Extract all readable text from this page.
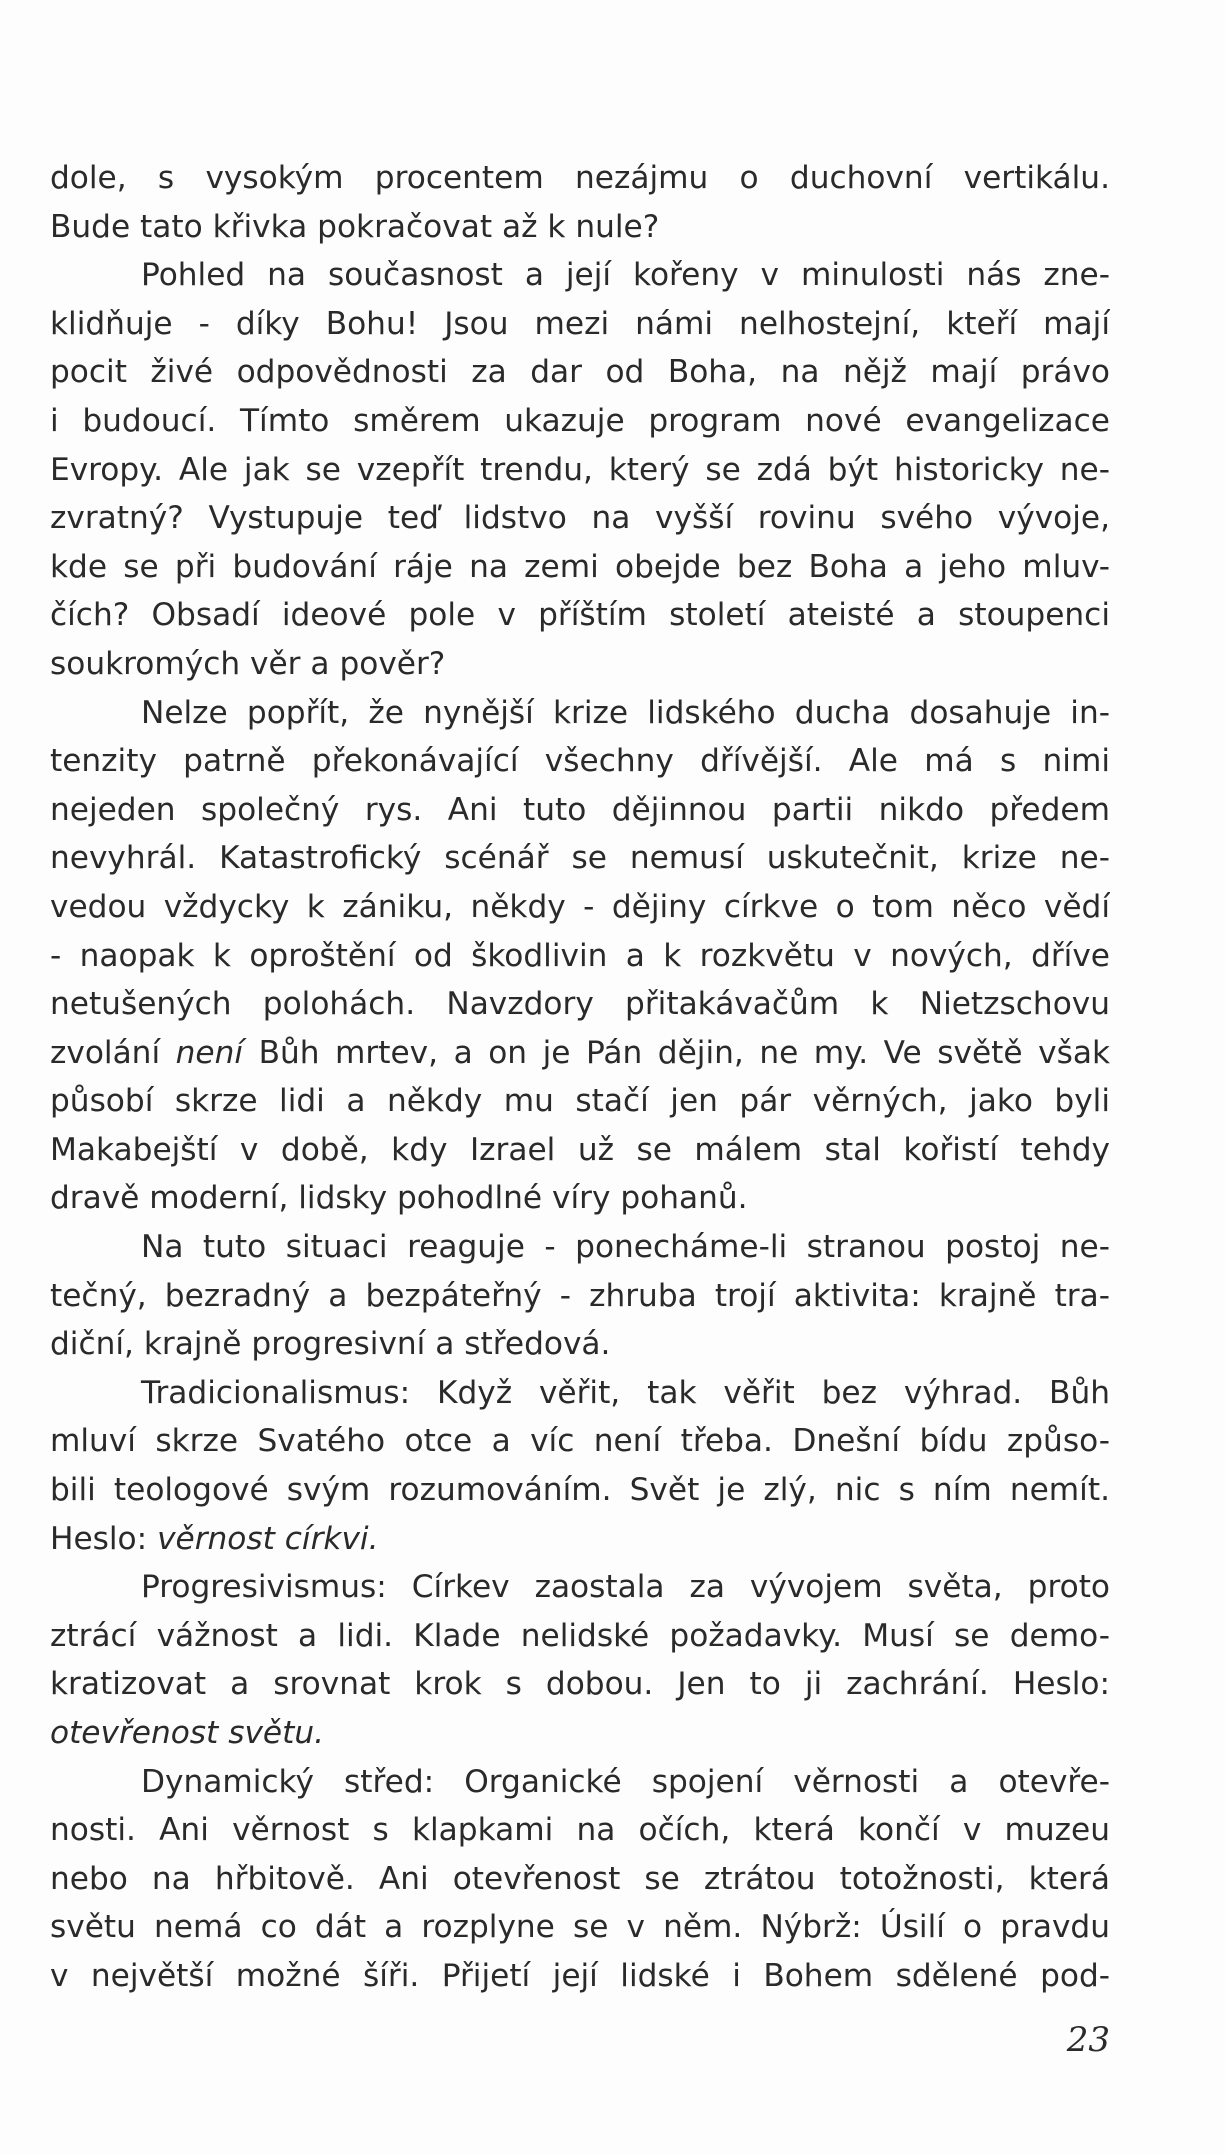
dole, s vysokým procentem nezájmu o duchovní vertikálu.
Bude tato křivka pokračovat až k nule?
Pohled na současnost a její kořeny v minulosti nás zne-
klidňuje - díky Bohu! Jsou mezi námi nelhostejní, kteří mají
pocit živé odpovědnosti za dar od Boha, na nějž mají právo
i budoucí. Tímto směrem ukazuje program nové evangelizace
Evropy. Ale jak se vzepřít trendu, který se zdá být historicky ne-
zvratný? Vystupuje teď lidstvo na vyšší rovinu svého vývoje,
kde se při budování ráje na zemi obejde bez Boha a jeho mluv-
čích? Obsadí ideové pole v příštím století ateisté a stoupenci
soukromých věr a pověr?
Nelze popřít, že nynější krize lidského ducha dosahuje in-
tenzity patrně překonávající všechny dřívější. Ale má s nimi
nejeden společný rys. Ani tuto dějinnou partii nikdo předem
nevyhrál. Katastrofický scénář se nemusí uskutečnit, krize ne-
vedou vždycky k zániku, někdy - dějiny církve o tom něco vědí
- naopak k oproštění od škodlivin a k rozkvětu v nových, dříve
netušených polohách. Navzdory přitakávačům k Nietzschovu
zvolání není Bůh mrtev, a on je Pán dějin, ne my. Ve světě však
působí skrze lidi a někdy mu stačí jen pár věrných, jako byli
Makabejští v době, kdy Izrael už se málem stal kořistí tehdy
dravě moderní, lidsky pohodlné víry pohanů.
Na tuto situaci reaguje - ponecháme-li stranou postoj ne-
tečný, bezradný a bezpáteřný - zhruba trojí aktivita: krajně tra-
diční, krajně progresivní a středová.
Tradicionalismus: Když věřit, tak věřit bez výhrad. Bůh
mluví skrze Svatého otce a víc není třeba. Dnešní bídu způso-
bili teologové svým rozumováním. Svět je zlý, nic s ním nemít.
Heslo: věrnost církvi.
Progresivismus: Církev zaostala za vývojem světa, proto
ztrácí vážnost a lidi. Klade nelidské požadavky. Musí se demo-
kratizovat a srovnat krok s dobou. Jen to ji zachrání. Heslo:
otevřenost světu.
Dynamický střed: Organické spojení věrnosti a otevře-
nosti. Ani věrnost s klapkami na očích, která končí v muzeu
nebo na hřbitově. Ani otevřenost se ztrátou totožnosti, která
světu nemá co dát a rozplyne se v něm. Nýbrž: Úsilí o pravdu
v největší možné šíři. Přijetí její lidské i Bohem sdělené pod-
23
